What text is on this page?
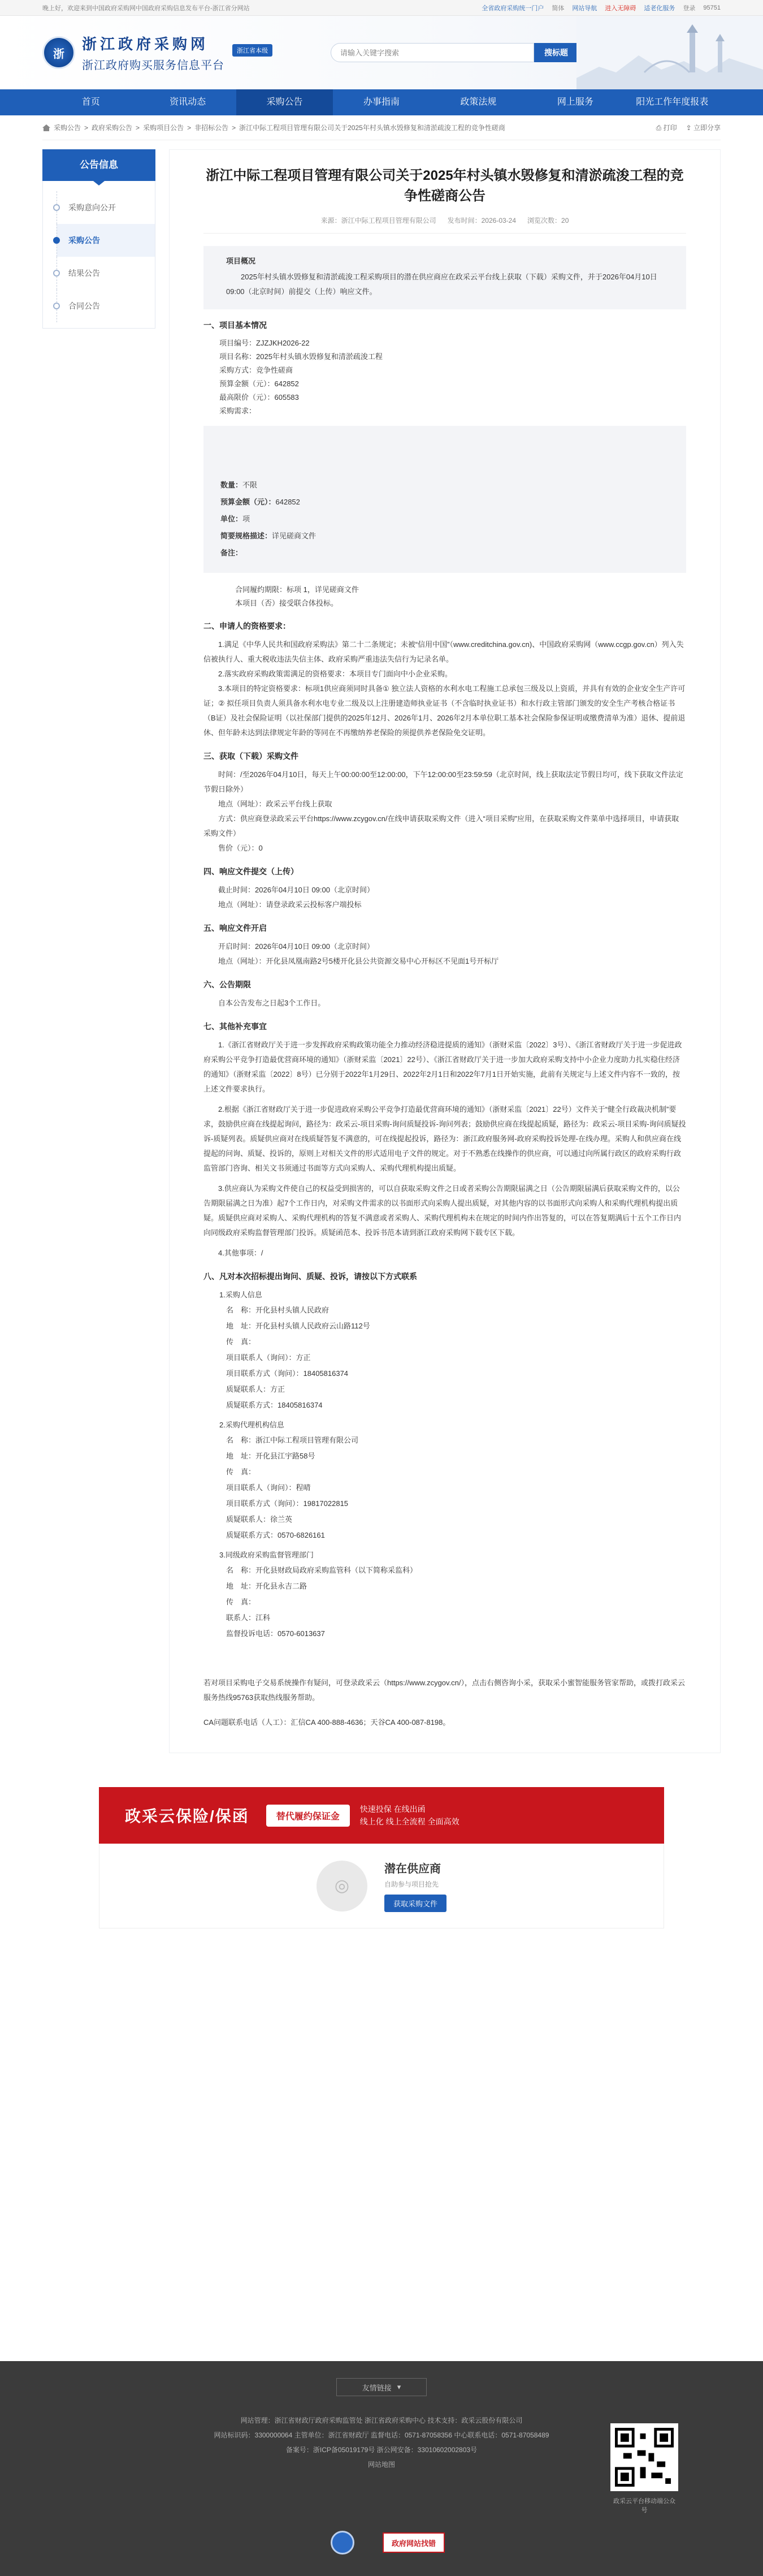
晚上好，欢迎来到中国政府采购网中国政府采购信息发布平台-浙江省分网站	全省政府采购统一门户 简体 网站导航 进入无障碍 适老化服务 登录 95751
浙
浙江政府采购网
浙江政府购买服务信息平台
浙江省本级
请输入关键字搜索	搜标题
首页	资讯动态	采购公告	办事指南	政策法规	网上服务	阳光工作年度报表
采购公告 > 政府采购公告 > 采购项目公告 > 非招标公告 > 浙江中际工程项目管理有限公司关于2025年村头镇水毁修复和清淤疏浚工程的竞争性磋商	⎙ 打印 ⇪ 立即分享
公告信息
采购意向公开
采购公告
结果公告
合同公告
浙江中际工程项目管理有限公司关于2025年村头镇水毁修复和清淤疏浚工程的竞争性磋商公告
来源：浙江中际工程项目管理有限公司 发布时间：2026-03-24 浏览次数：20
项目概况
2025年村头镇水毁修复和清淤疏浚工程采购项目的潜在供应商应在政采云平台线上获取（下载）采购文件，并于2026年04月10日 09:00（北京时间）前提交（上传）响应文件。
一、项目基本情况
项目编号：ZJZJKH2026-22
项目名称：2025年村头镇水毁修复和清淤疏浚工程
采购方式：竞争性磋商
预算金额（元）：642852
最高限价（元）：605583
采购需求：
数量：不限
预算金额（元）：642852
单位：项
简要规格描述：详见磋商文件
备注：
合同履约期限：标项 1，详见磋商文件
本项目（否）接受联合体投标。
二、申请人的资格要求：
1.满足《中华人民共和国政府采购法》第二十二条规定；未被“信用中国”（www.creditchina.gov.cn)、中国政府采购网（www.ccgp.gov.cn）列入失信被执行人、重大税收违法失信主体、政府采购严重违法失信行为记录名单。
2.落实政府采购政策需满足的资格要求：本项目专门面向中小企业采购。
3.本项目的特定资格要求：标项1供应商须同时具备① 独立法人资格的水利水电工程施工总承包三级及以上资质，并具有有效的企业安全生产许可证；② 拟任项目负责人须具备水利水电专业二级及以上注册建造师执业证书（不含临时执业证书）和水行政主管部门颁发的安全生产考核合格证书（B证）及社会保险证明（以社保部门提供的2025年12月、2026年1月、2026年2月本单位职工基本社会保险参保证明或缴费清单为准）退休、提前退休、但年龄未达到法律规定年龄的等同在不再缴纳养老保险的须提供养老保险免交证明。
三、获取（下载）采购文件
时间：/至2026年04月10日，每天上午00:00:00至12:00:00，下午12:00:00至23:59:59（北京时间，线上获取法定节假日均可，线下获取文件法定节假日除外）
地点（网址）：政采云平台线上获取
方式：供应商登录政采云平台https://www.zcygov.cn/在线申请获取采购文件（进入“项目采购”应用，在获取采购文件菜单中选择项目，申请获取采购文件）
售价（元）：0
四、响应文件提交（上传）
截止时间：2026年04月10日 09:00（北京时间）
地点（网址）：请登录政采云投标客户端投标
五、响应文件开启
开启时间：2026年04月10日 09:00（北京时间）
地点（网址）：开化县凤凰南路2号5楼开化县公共资源交易中心开标区不见面1号开标厅
六、公告期限
自本公告发布之日起3个工作日。
七、其他补充事宜
1.《浙江省财政厅关于进一步发挥政府采购政策功能全力推动经济稳进提质的通知》（浙财采监〔2022〕3号）、《浙江省财政厅关于进一步促进政府采购公平竞争打造最优营商环境的通知》（浙财采监〔2021〕22号）、《浙江省财政厅关于进一步加大政府采购支持中小企业力度助力扎实稳住经济的通知》（浙财采监〔2022〕8号）已分别于2022年1月29日、2022年2月1日和2022年7月1日开始实施，此前有关规定与上述文件内容不一致的，按上述文件要求执行。
2.根据《浙江省财政厅关于进一步促进政府采购公平竞争打造最优营商环境的通知》（浙财采监〔2021〕22号）文件关于“健全行政裁决机制”要求，鼓励供应商在线提起询问，路径为：政采云-项目采购-询问质疑投诉-询问列表；鼓励供应商在线提起质疑，路径为：政采云-项目采购-询问质疑投诉-质疑列表。质疑供应商对在线质疑答复不满意的，可在线提起投诉，路径为：浙江政府服务网-政府采购投诉处理-在线办理。采购人和供应商在线提起的问询、质疑、投诉的，原则上对相关文件的形式适用电子文件的规定。对于不熟悉在线操作的供应商，可以通过向所属行政区的政府采购行政监管部门咨询、相关文书须通过书面等方式向采购人、采购代理机构提出质疑。
3.供应商认为采购文件使自己的权益受到损害的，可以自获取采购文件之日或者采购公告期限届满之日（公告期限届满后获取采购文件的，以公告期限届满之日为准）起7个工作日内，对采购文件需求的以书面形式向采购人提出质疑，对其他内容的以书面形式向采购人和采购代理机构提出质疑。质疑供应商对采购人、采购代理机构的答复不满意或者采购人、采购代理机构未在规定的时间内作出答复的，可以在答复期满后十五个工作日内向同级政府采购监督管理部门投诉。质疑函范本、投诉书范本请到浙江政府采购网下载专区下载。
4.其他事项：/
八、凡对本次招标提出询问、质疑、投诉，请按以下方式联系
1.采购人信息
名　称：开化县村头镇人民政府
地　址：开化县村头镇人民政府云山路112号
传　真：
项目联系人（询问）：方正
项目联系方式（询问）：18405816374
质疑联系人：方正
质疑联系方式：18405816374
2.采购代理机构信息
名　称：浙江中际工程项目管理有限公司
地　址：开化县江宇路58号
传　真：
项目联系人（询问）：程晴
项目联系方式（询问）：19817022815
质疑联系人：徐兰英
质疑联系方式：0570-6826161
3.同级政府采购监督管理部门
名　称：开化县财政局政府采购监管科（以下简称采监科）
地　址：开化县永吉二路
传　真：
联系人：江科
监督投诉电话：0570-6013637
若对项目采购电子交易系统操作有疑问，可登录政采云（https://www.zcygov.cn/），点击右侧咨询小采，获取采小蜜智能服务管家帮助，或拨打政采云服务热线95763获取热线服务帮助。
CA问题联系电话（人工）：汇信CA 400-888-4636；天谷CA 400-087-8198。
政采云保险/保函	替代履约保证金
快速投保 在线出函
线上化 线上全流程 全面高效
◎
潜在供应商
自助参与项目抢先
获取采购文件
友情链接 ▾
网站管理：浙江省财政厅政府采购监管处 浙江省政府采购中心 技术支持：政采云股份有限公司
网站标识码：3300000064 主管单位：浙江省财政厅 监督电话：0571-87058356 中心联系电话：0571-87058489
备案号：浙ICP备05019179号 浙公网安备：33010602002803号
网站地图
政采云平台移动端公众号
政府网站找错
